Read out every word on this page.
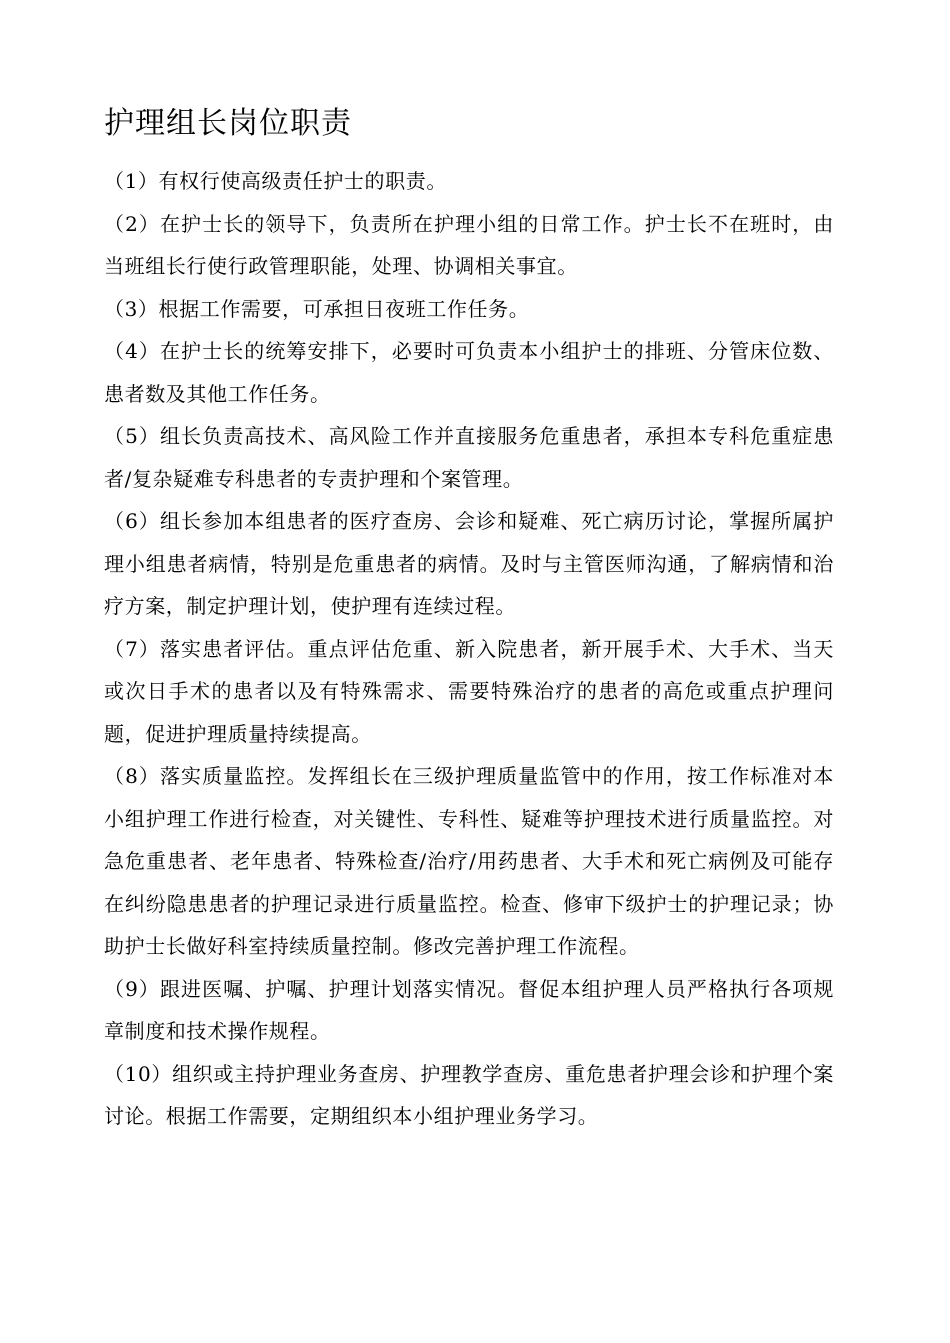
护理组长岗位职责

（1）有权行使高级责任护士的职责。

（2）在护士长的领导下，负责所在护理小组的日常工作。护士长不在班时，由当班组长行使行政管理职能，处理、协调相关事宜。

（3）根据工作需要，可承担日夜班工作任务。

（4）在护士长的统筹安排下，必要时可负责本小组护士的排班、分管床位数、患者数及其他工作任务。

（5）组长负责高技术、高风险工作并直接服务危重患者，承担本专科危重症患者/复杂疑难专科患者的专责护理和个案管理。

（6）组长参加本组患者的医疗查房、会诊和疑难、死亡病历讨论，掌握所属护理小组患者病情，特别是危重患者的病情。及时与主管医师沟通，了解病情和治疗方案，制定护理计划，使护理有连续过程。

（7）落实患者评估。重点评估危重、新入院患者，新开展手术、大手术、当天或次日手术的患者以及有特殊需求、需要特殊治疗的患者的高危或重点护理问题，促进护理质量持续提高。

（8）落实质量监控。发挥组长在三级护理质量监管中的作用，按工作标准对本小组护理工作进行检查，对关键性、专科性、疑难等护理技术进行质量监控。对急危重患者、老年患者、特殊检查/治疗/用药患者、大手术和死亡病例及可能存在纠纷隐患患者的护理记录进行质量监控。检查、修审下级护士的护理记录；协助护士长做好科室持续质量控制。修改完善护理工作流程。

（9）跟进医嘱、护嘱、护理计划落实情况。督促本组护理人员严格执行各项规章制度和技术操作规程。

（10）组织或主持护理业务查房、护理教学查房、重危患者护理会诊和护理个案讨论。根据工作需要，定期组织本小组护理业务学习。
